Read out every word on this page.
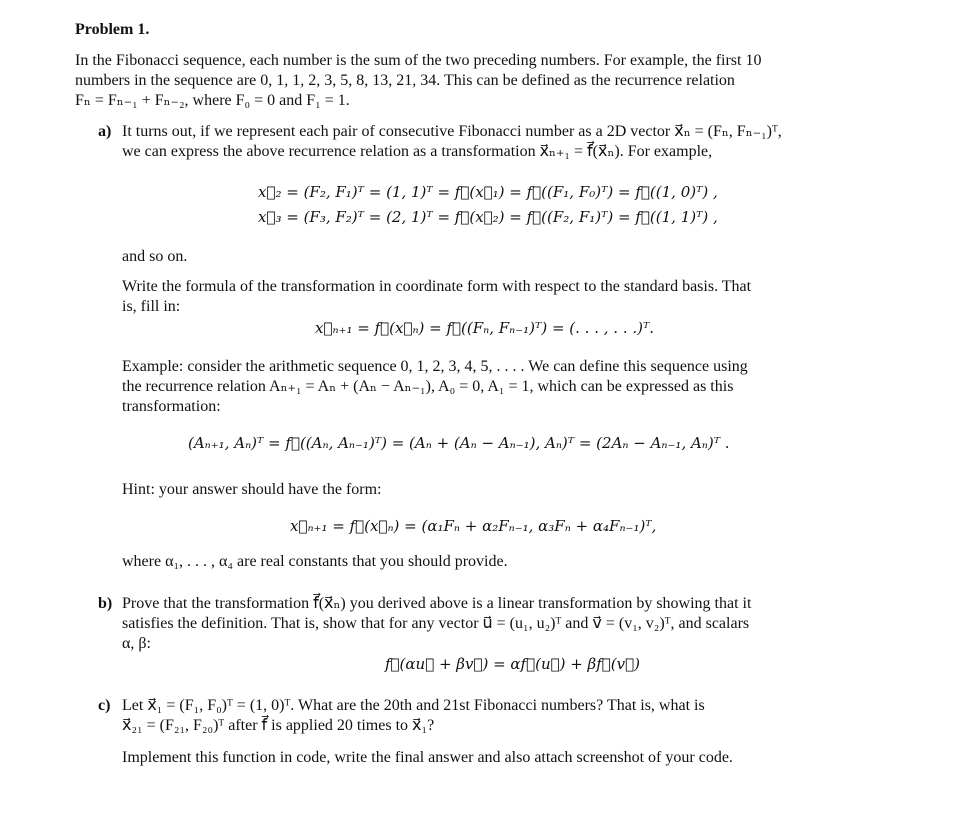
Problem 1.
In the Fibonacci sequence, each number is the sum of the two preceding numbers. For example, the first 10
numbers in the sequence are 0, 1, 1, 2, 3, 5, 8, 13, 21, 34. This can be defined as the recurrence relation
Fₙ = Fₙ₋₁ + Fₙ₋₂, where F₀ = 0 and F₁ = 1.
a) It turns out, if we represent each pair of consecutive Fibonacci number as a 2D vector x⃗ₙ = (Fₙ, Fₙ₋₁)ᵀ,
we can express the above recurrence relation as a transformation x⃗ₙ₊₁ = f⃗(x⃗ₙ). For example,
x⃗₂ = (F₂, F₁)ᵀ = (1, 1)ᵀ = f⃗(x⃗₁) = f⃗((F₁, F₀)ᵀ) = f⃗((1, 0)ᵀ) ,
x⃗₃ = (F₃, F₂)ᵀ = (2, 1)ᵀ = f⃗(x⃗₂) = f⃗((F₂, F₁)ᵀ) = f⃗((1, 1)ᵀ) ,
and so on.
Write the formula of the transformation in coordinate form with respect to the standard basis. That
is, fill in:
x⃗ₙ₊₁ = f⃗(x⃗ₙ) = f⃗((Fₙ, Fₙ₋₁)ᵀ) = (. . . , . . .)ᵀ.
Example: consider the arithmetic sequence 0, 1, 2, 3, 4, 5, . . . . We can define this sequence using
the recurrence relation Aₙ₊₁ = Aₙ + (Aₙ − Aₙ₋₁), A₀ = 0, A₁ = 1, which can be expressed as this
transformation:
(Aₙ₊₁, Aₙ)ᵀ = f⃗((Aₙ, Aₙ₋₁)ᵀ) = (Aₙ + (Aₙ − Aₙ₋₁), Aₙ)ᵀ = (2Aₙ − Aₙ₋₁, Aₙ)ᵀ .
Hint: your answer should have the form:
x⃗ₙ₊₁ = f⃗(x⃗ₙ) = (α₁Fₙ + α₂Fₙ₋₁, α₃Fₙ + α₄Fₙ₋₁)ᵀ,
where α₁, . . . , α₄ are real constants that you should provide.
b) Prove that the transformation f⃗(x⃗ₙ) you derived above is a linear transformation by showing that it
satisfies the definition. That is, show that for any vector u⃗ = (u₁, u₂)ᵀ and v⃗ = (v₁, v₂)ᵀ, and scalars
α, β:
f⃗(αu⃗ + βv⃗) = αf⃗(u⃗) + βf⃗(v⃗)
c) Let x⃗₁ = (F₁, F₀)ᵀ = (1, 0)ᵀ. What are the 20th and 21st Fibonacci numbers? That is, what is
x⃗₂₁ = (F₂₁, F₂₀)ᵀ after f⃗ is applied 20 times to x⃗₁?
Implement this function in code, write the final answer and also attach screenshot of your code.
